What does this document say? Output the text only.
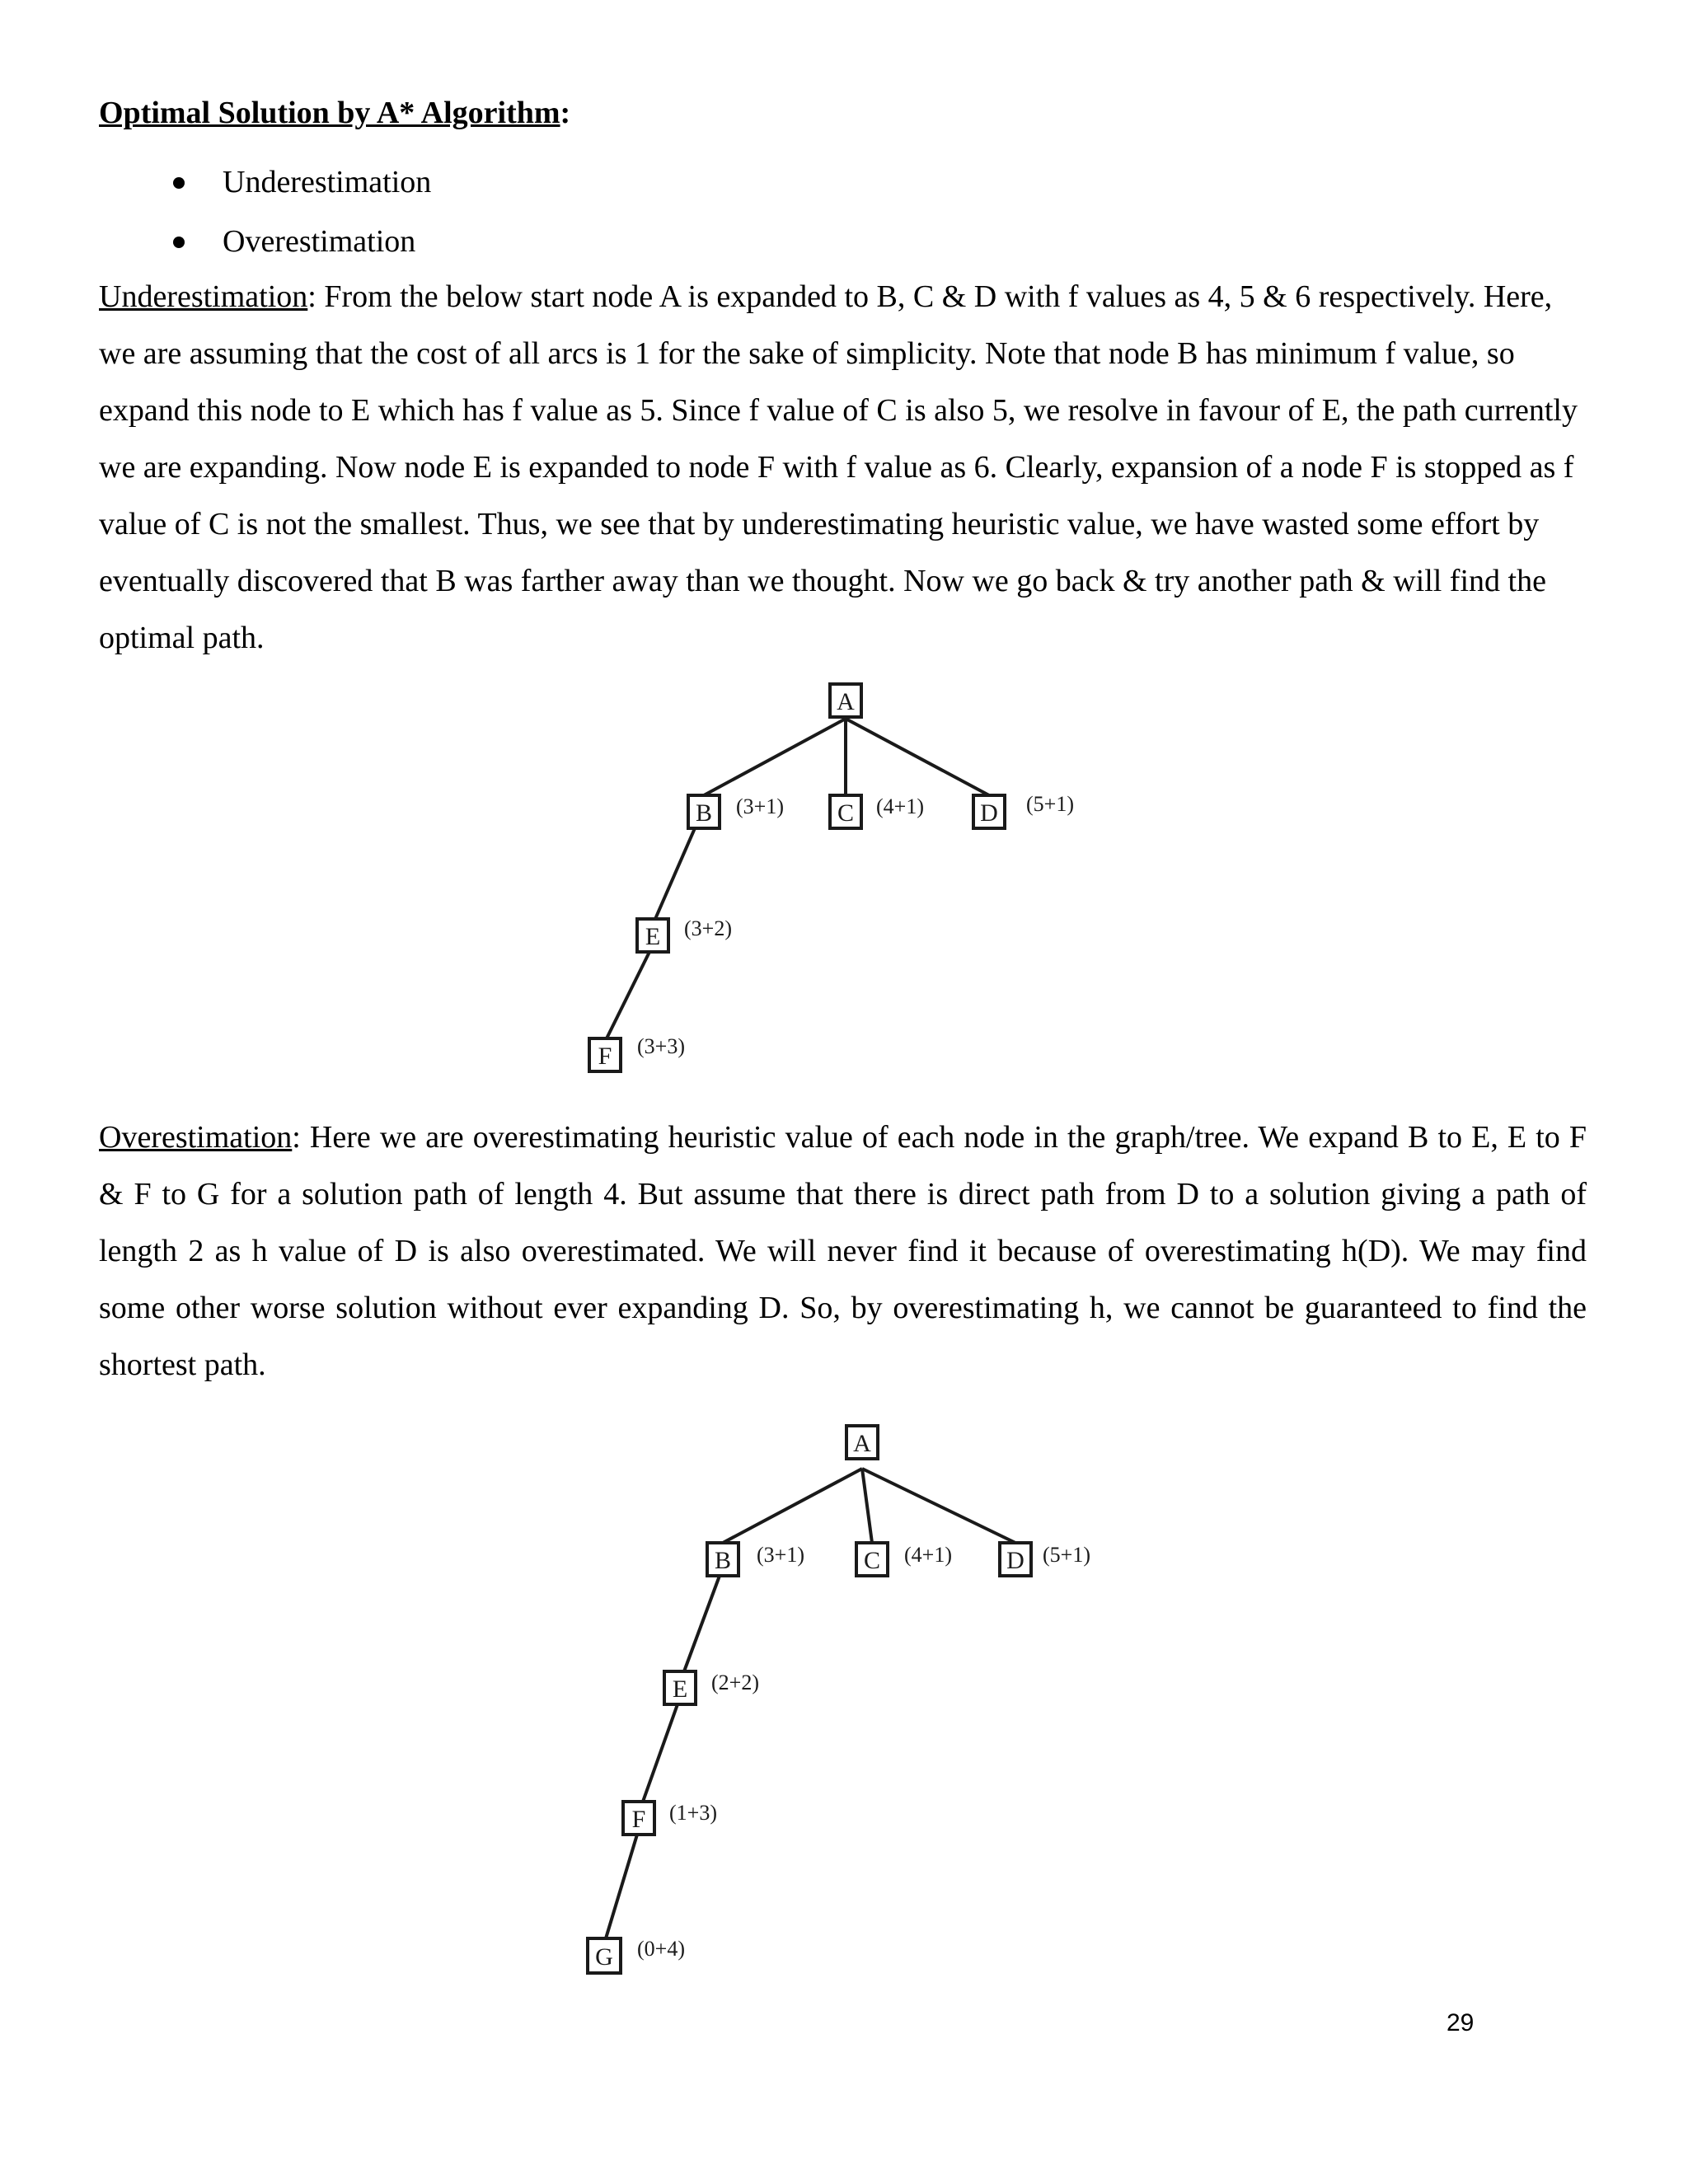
Optimal Solution by A* Algorithm:
Underestimation
Overestimation

Underestimation: From the below start node A is expanded to B, C & D with f values as 4, 5 & 6 respectively. Here, we are assuming that the cost of all arcs is 1 for the sake of simplicity. Note that node B has minimum f value, so expand this node to E which has f value as 5. Since f value of C is also 5, we resolve in favour of E, the path currently we are expanding. Now node E is expanded to node F with f value as 6. Clearly, expansion of a node F is stopped as f value of C is not the smallest. Thus, we see that by underestimating heuristic value, we have wasted some effort by eventually discovered that B was farther away than we thought. Now we go back & try another path & will find the optimal path.

A
B (3+1) C (4+1) D (5+1)
E (3+2)
F (3+3)

Overestimation: Here we are overestimating heuristic value of each node in the graph/tree. We expand B to E, E to F & F to G for a solution path of length 4. But assume that there is direct path from D to a solution giving a path of length 2 as h value of D is also overestimated. We will never find it because of overestimating h(D). We may find some other worse solution without ever expanding D. So, by overestimating h, we cannot be guaranteed to find the shortest path.

A
B (3+1) C (4+1) D (5+1)
E (2+2)
F (1+3)
G (0+4)
29
